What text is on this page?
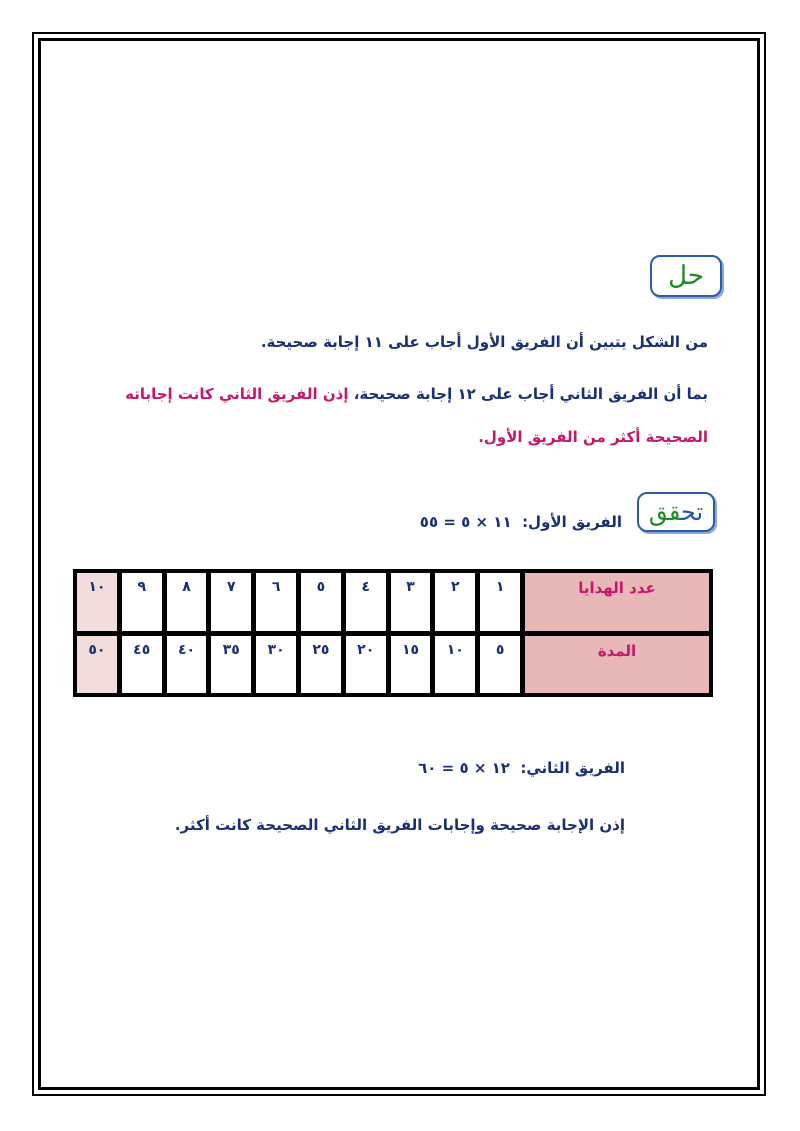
حل
من الشكل يتبين أن الفريق الأول أجاب على ١١ إجابة صحيحة.
بما أن الفريق الثاني أجاب على ١٢ إجابة صحيحة، إذن الفريق الثاني كانت إجاباته
الصحيحة أكثر من الفريق الأول.
تحقق
الفريق الأول:  ١١ × ٥ = ٥٥
عدد الهدايا	١	٢	٣	٤	٥	٦	٧	٨	٩	١٠
المدة	٥	١٠	١٥	٢٠	٢٥	٣٠	٣٥	٤٠	٤٥	٥٠
الفريق الثاني:  ١٢ × ٥ = ٦٠
إذن الإجابة صحيحة وإجابات الفريق الثاني الصحيحة كانت أكثر.
